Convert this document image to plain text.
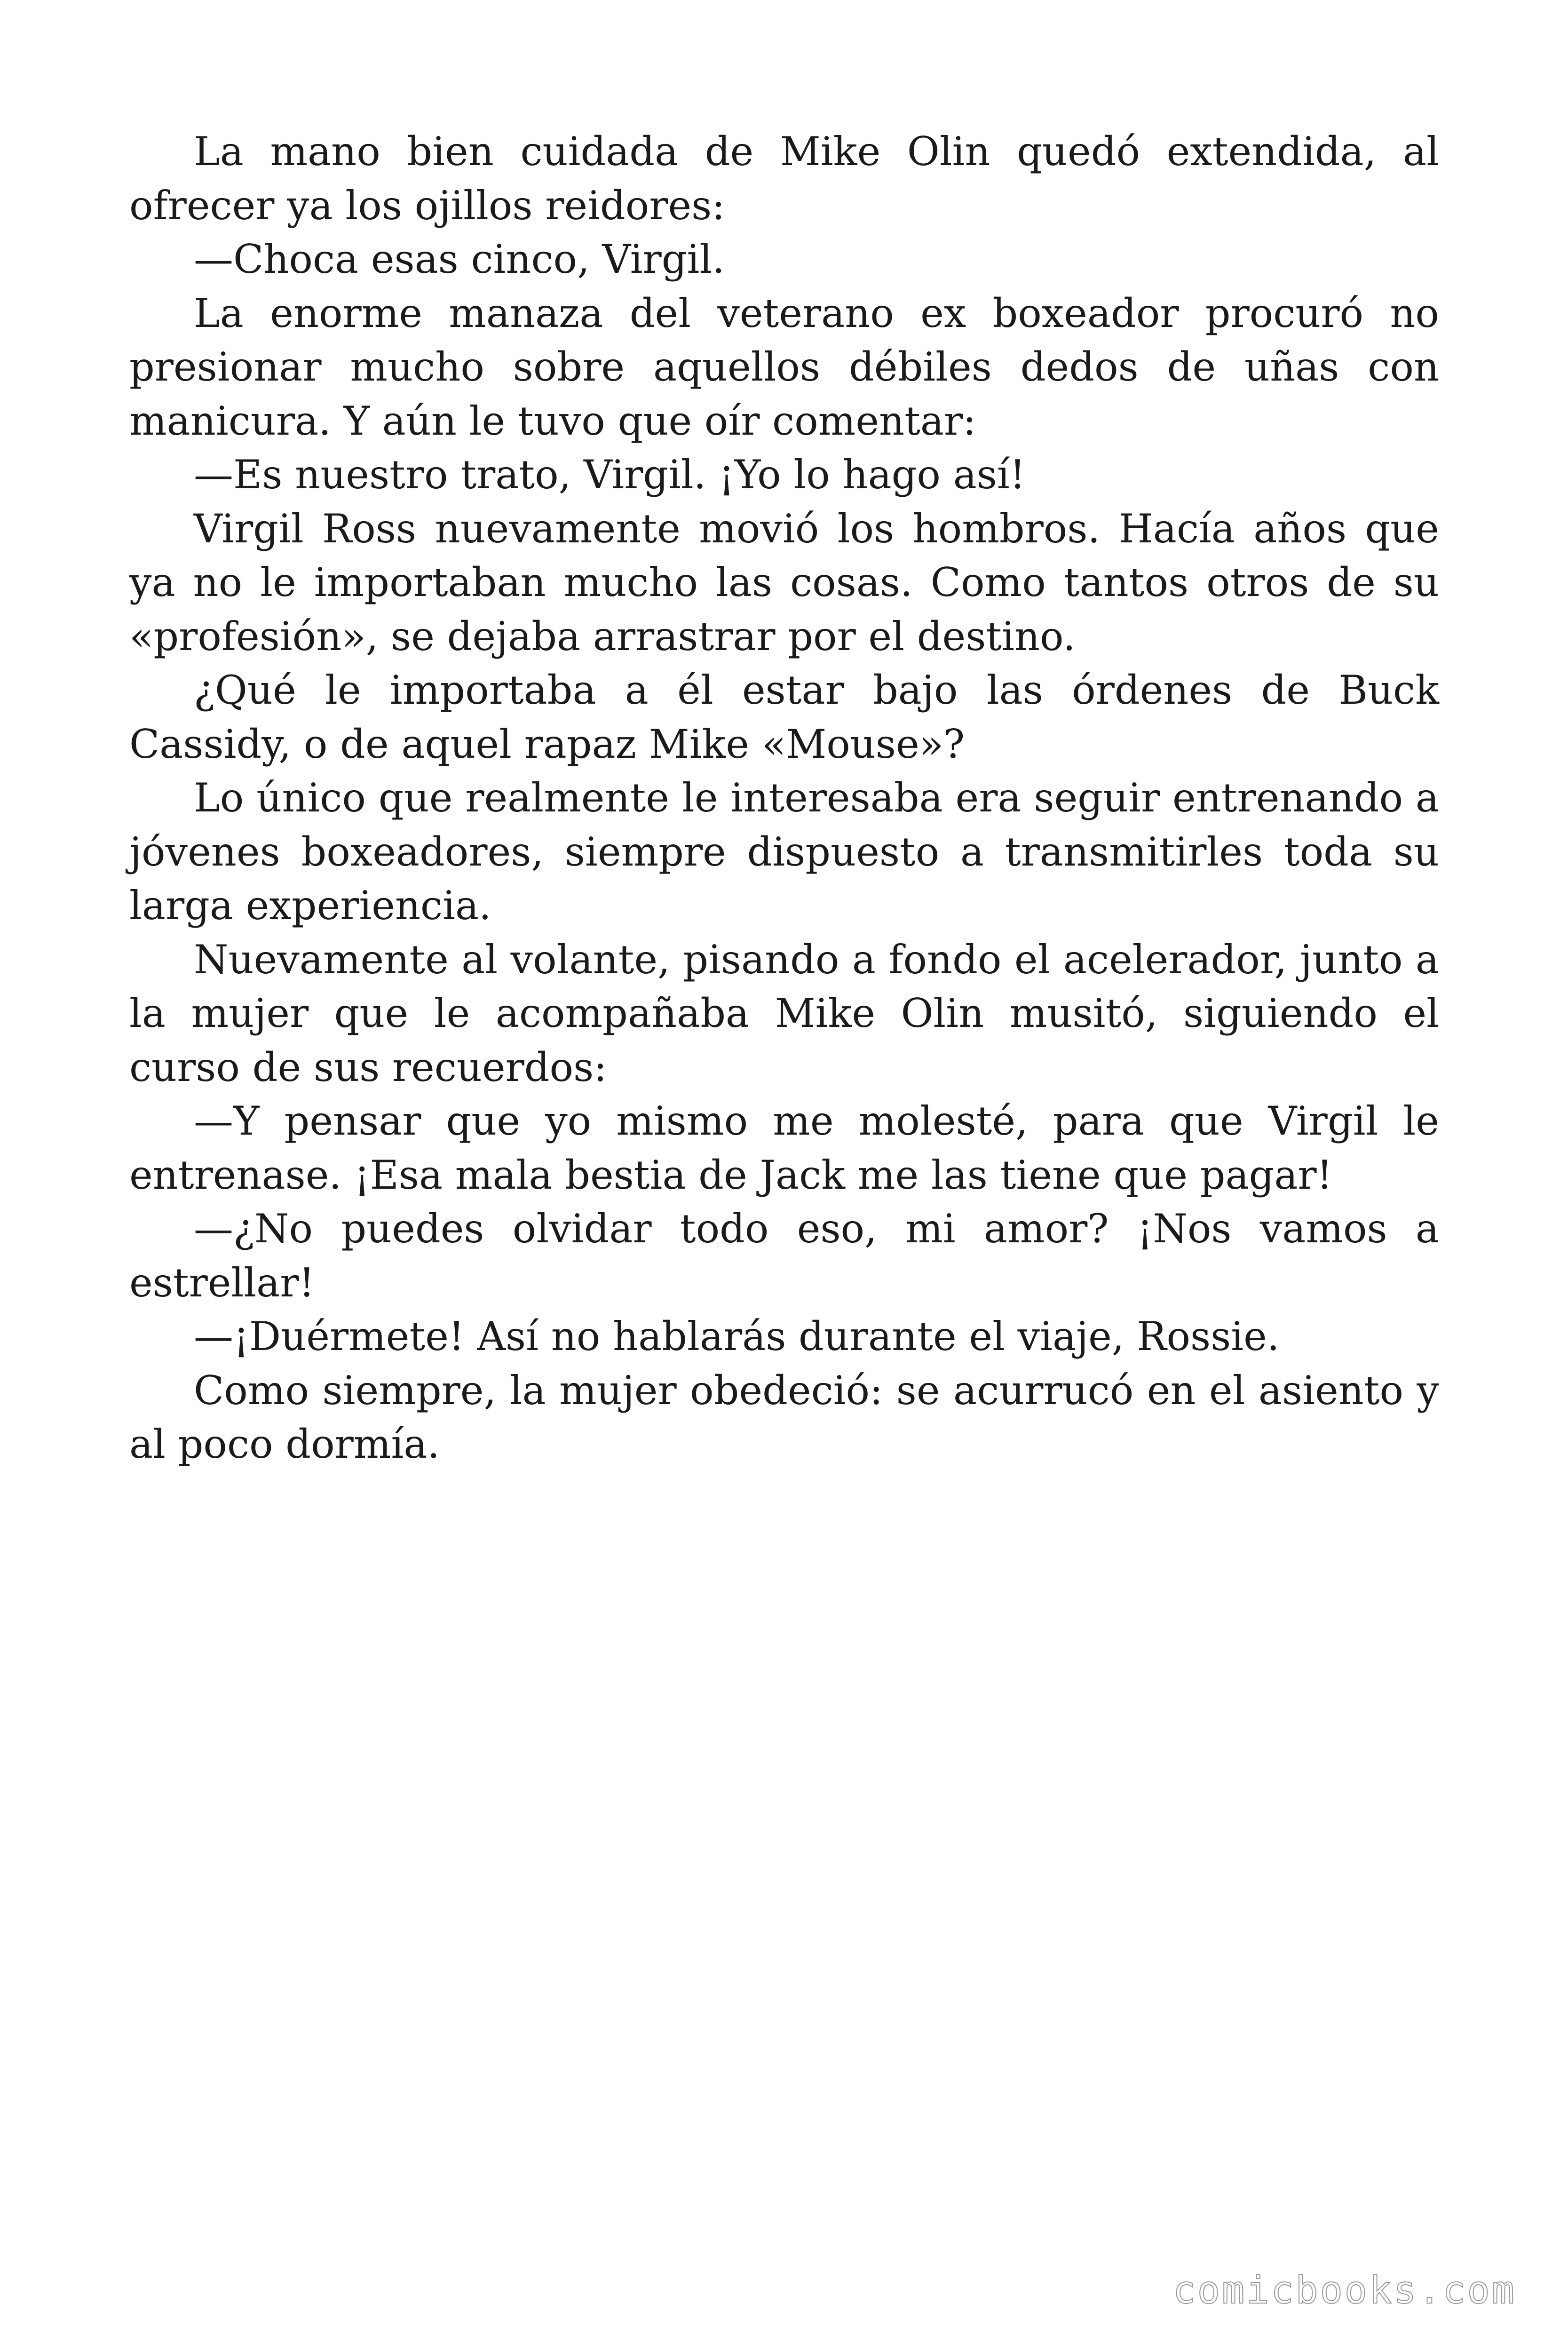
La mano bien cuidada de Mike Olin quedó extendida, al ofrecer ya los ojillos reidores:

—Choca esas cinco, Virgil.

La enorme manaza del veterano ex boxeador procuró no presionar mucho sobre aquellos débiles dedos de uñas con manicura. Y aún le tuvo que oír comentar:

—Es nuestro trato, Virgil. ¡Yo lo hago así!

Virgil Ross nuevamente movió los hombros. Hacía años que ya no le importaban mucho las cosas. Como tantos otros de su «profesión», se dejaba arrastrar por el destino.

¿Qué le importaba a él estar bajo las órdenes de Buck Cassidy, o de aquel rapaz Mike «Mouse»?

Lo único que realmente le interesaba era seguir entrenando a jóvenes boxeadores, siempre dispuesto a transmitirles toda su larga experiencia.

Nuevamente al volante, pisando a fondo el acelerador, junto a la mujer que le acompañaba Mike Olin musitó, siguiendo el curso de sus recuerdos:

—Y pensar que yo mismo me molesté, para que Virgil le entrenase. ¡Esa mala bestia de Jack me las tiene que pagar!

—¿No puedes olvidar todo eso, mi amor? ¡Nos vamos a estrellar!

—¡Duérmete! Así no hablarás durante el viaje, Rossie.

Como siempre, la mujer obedeció: se acurrucó en el asiento y al poco dormía.

comicbooks.com
